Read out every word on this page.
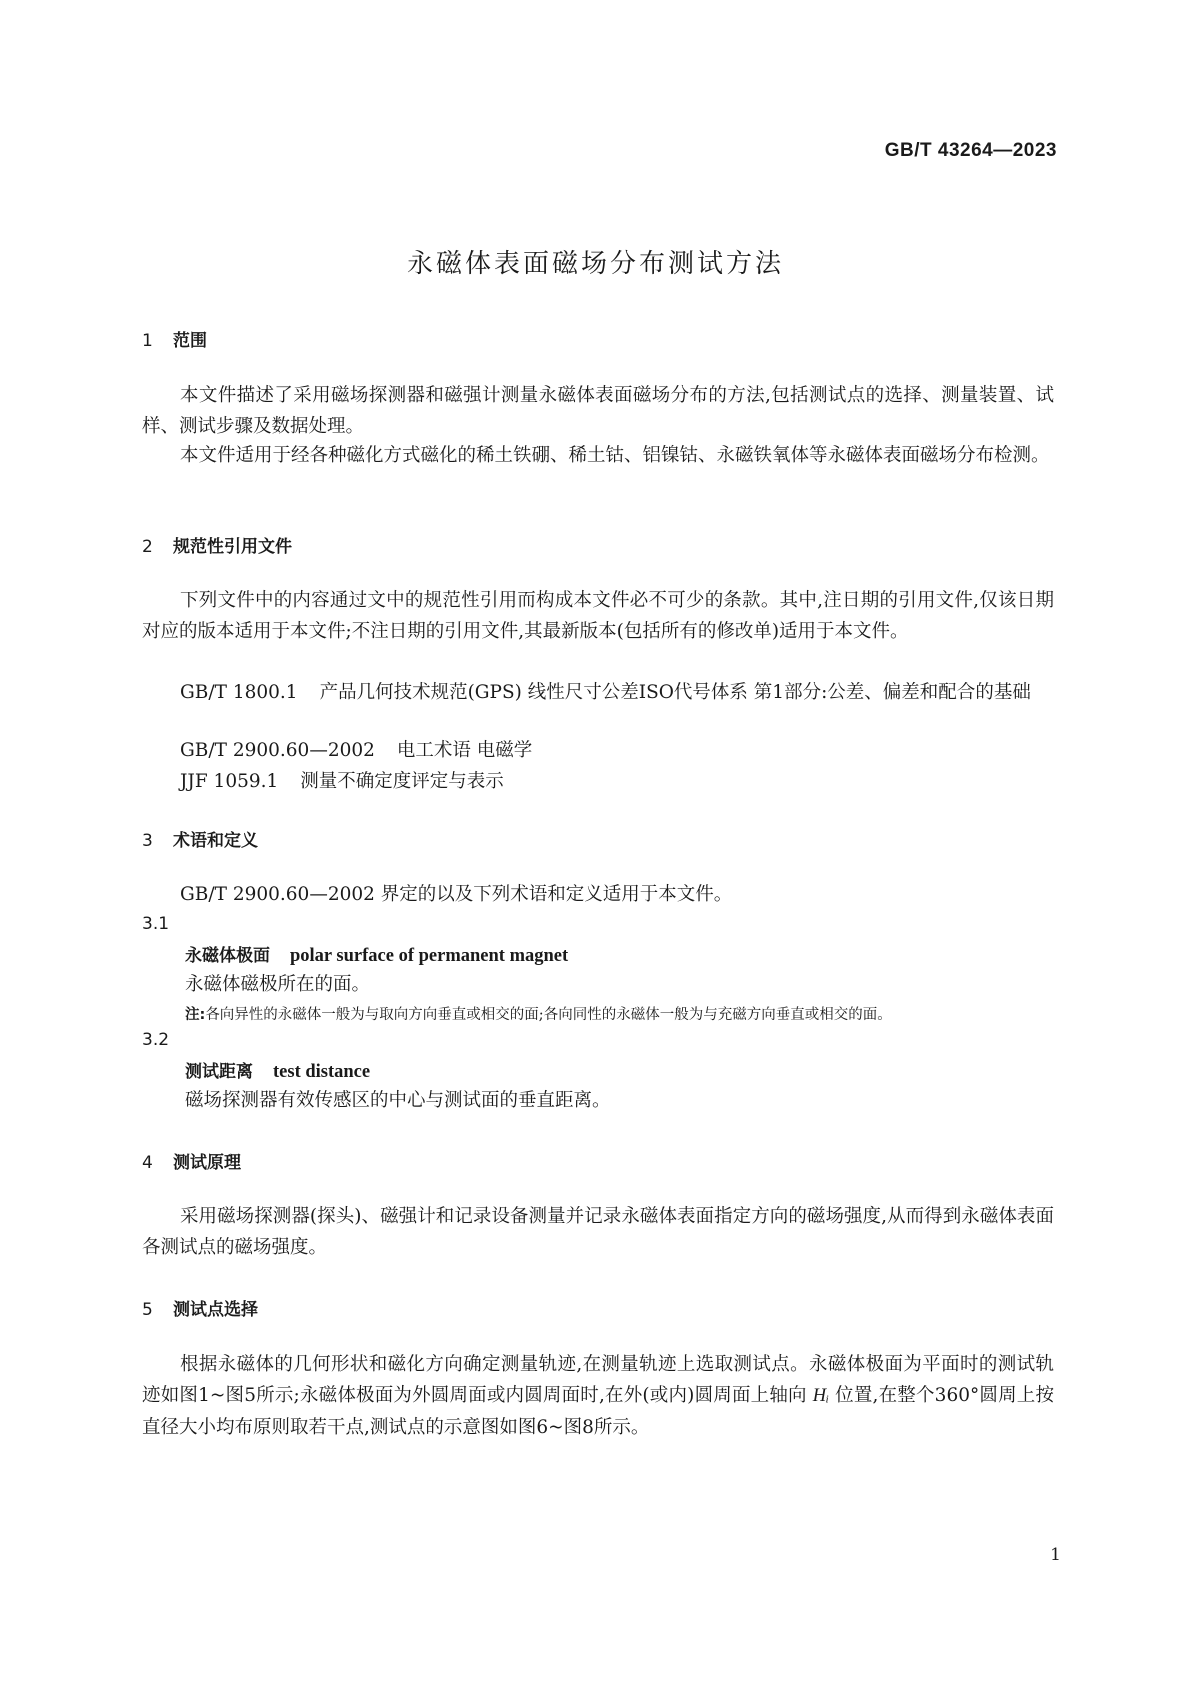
GB/T 43264—2023
永磁体表面磁场分布测试方法
1 范围
本文件描述了采用磁场探测器和磁强计测量永磁体表面磁场分布的方法,包括测试点的选择、测量装置、试样、测试步骤及数据处理。
本文件适用于经各种磁化方式磁化的稀土铁硼、稀土钴、铝镍钴、永磁铁氧体等永磁体表面磁场分布检测。
2 规范性引用文件
下列文件中的内容通过文中的规范性引用而构成本文件必不可少的条款。其中,注日期的引用文件,仅该日期对应的版本适用于本文件;不注日期的引用文件,其最新版本(包括所有的修改单)适用于本文件。
GB/T 1800.1 产品几何技术规范(GPS) 线性尺寸公差ISO代号体系 第1部分:公差、偏差和配合的基础
GB/T 2900.60—2002 电工术语 电磁学
JJF 1059.1 测量不确定度评定与表示
3 术语和定义
GB/T 2900.60—2002 界定的以及下列术语和定义适用于本文件。
3.1
永磁体极面 polar surface of permanent magnet
永磁体磁极所在的面。
注:各向异性的永磁体一般为与取向方向垂直或相交的面;各向同性的永磁体一般为与充磁方向垂直或相交的面。
3.2
测试距离 test distance
磁场探测器有效传感区的中心与测试面的垂直距离。
4 测试原理
采用磁场探测器(探头)、磁强计和记录设备测量并记录永磁体表面指定方向的磁场强度,从而得到永磁体表面各测试点的磁场强度。
5 测试点选择
根据永磁体的几何形状和磁化方向确定测量轨迹,在测量轨迹上选取测试点。永磁体极面为平面时的测试轨迹如图1~图5所示;永磁体极面为外圆周面或内圆周面时,在外(或内)圆周面上轴向 Hᵢ 位置,在整个360°圆周上按直径大小均布原则取若干点,测试点的示意图如图6~图8所示。
1
